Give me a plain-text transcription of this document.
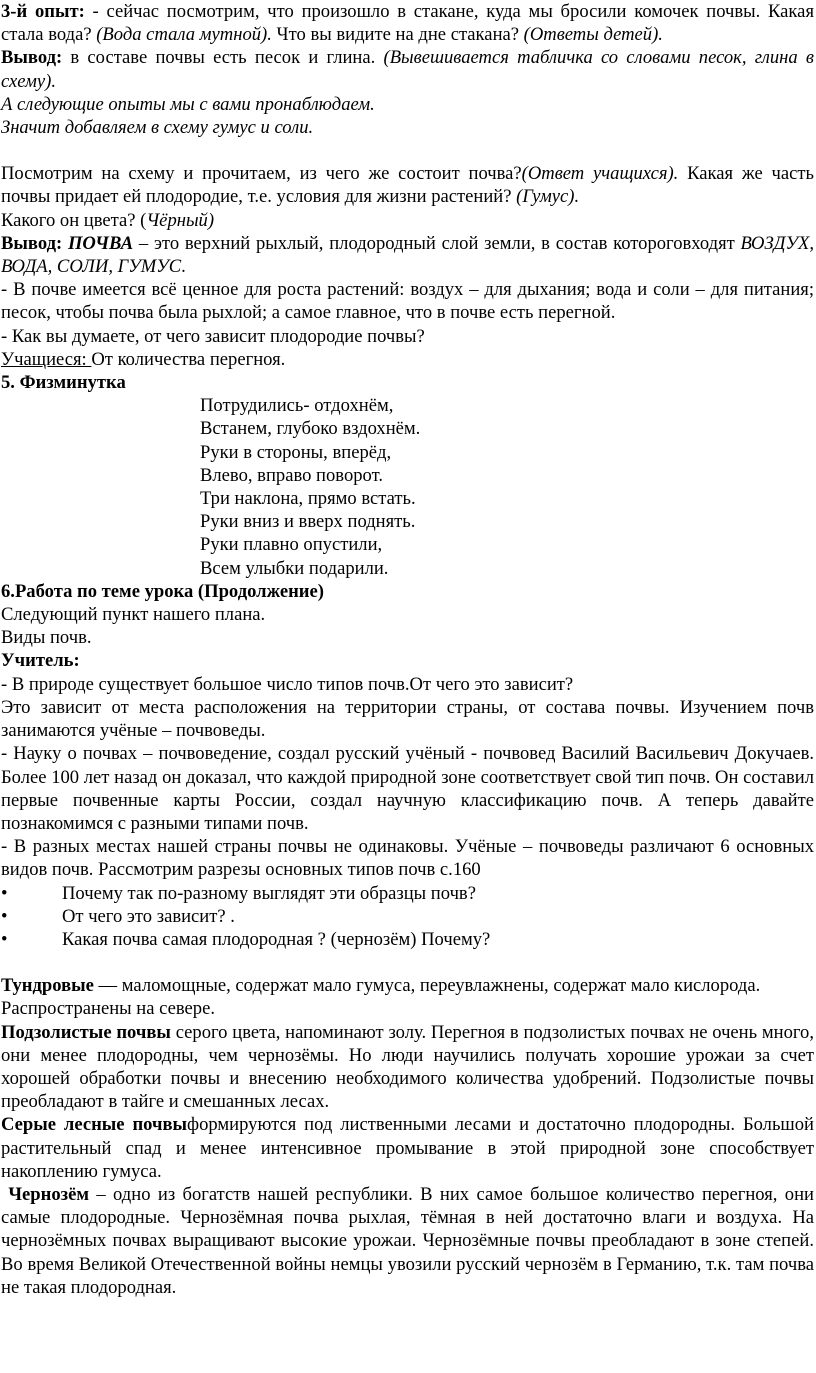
3-й опыт: - сейчас посмотрим, что произошло в стакане, куда мы бросили комочек почвы. Какая стала вода? (Вода стала мутной). Что вы видите на дне стакана? (Ответы детей).

Вывод: в составе почвы есть песок и глина. (Вывешивается табличка со словами песок, глина в схему).

А следующие опыты мы с вами пронаблюдаем.

Значит добавляем в схему гумус и соли.

Посмотрим на схему и прочитаем, из чего же состоит почва?(Ответ учащихся). Какая же часть почвы придает ей плодородие, т.е. условия для жизни растений? (Гумус).

Какого он цвета? (Чёрный)

Вывод: ПОЧВА – это верхний рыхлый, плодородный слой земли, в состав котороговходят ВОЗДУХ, ВОДА, СОЛИ, ГУМУС.

- В почве имеется всё ценное для роста растений: воздух – для дыхания; вода и соли – для питания; песок, чтобы почва была рыхлой; а самое главное, что в почве есть перегной.

- Как вы думаете, от чего зависит плодородие почвы?

Учащиеся: От количества перегноя.

5. Физминутка

Потрудились- отдохнём,

Встанем, глубоко вздохнём.

Руки в стороны, вперёд,

Влево, вправо поворот.

Три наклона, прямо встать.

Руки вниз и вверх поднять.

Руки плавно опустили,

Всем улыбки подарили.

6.Работа по теме урока (Продолжение)

Следующий пункт нашего плана.

Виды почв.

Учитель:

- В природе существует большое число типов почв.От чего это зависит?

Это зависит от места расположения на территории страны, от состава почвы. Изучением почв занимаются учёные – почвоведы.

- Науку о почвах – почвоведение, создал русский учёный - почвовед Василий Васильевич Докучаев. Более 100 лет назад он доказал, что каждой природной зоне соответствует свой тип почв. Он составил первые почвенные карты России, создал научную классификацию почв. А теперь давайте познакомимся с разными типами почв.

- В разных местах нашей страны почвы не одинаковы. Учёные – почвоведы различают 6 основных видов почв. Рассмотрим разрезы основных типов почв с.160

•	Почему так по-разному выглядят эти образцы почв?
•	От чего это зависит? .
•	Какая почва самая плодородная ? (чернозём) Почему?

Тундровые — маломощные, содержат мало гумуса, переувлажнены, содержат мало кислорода. Распространены на севере.

Подзолистые почвы серого цвета, напоминают золу. Перегноя в подзолистых почвах не очень много, они менее плодородны, чем чернозёмы. Но люди научились получать хорошие урожаи за счет хорошей обработки почвы и внесению необходимого количества удобрений. Подзолистые почвы преобладают в тайге и смешанных лесах.

Серые лесные почвыформируются под лиственными лесами и достаточно плодородны. Большой растительный спад и менее интенсивное промывание в этой природной зоне способствует накоплению гумуса.

Чернозём – одно из богатств нашей республики. В них самое большое количество перегноя, они самые плодородные. Чернозёмная почва рыхлая, тёмная в ней достаточно влаги и воздуха. На чернозёмных почвах выращивают высокие урожаи. Чернозёмные почвы преобладают в зоне степей. Во время Великой Отечественной войны немцы увозили русский чернозём в Германию, т.к. там почва не такая плодородная.
